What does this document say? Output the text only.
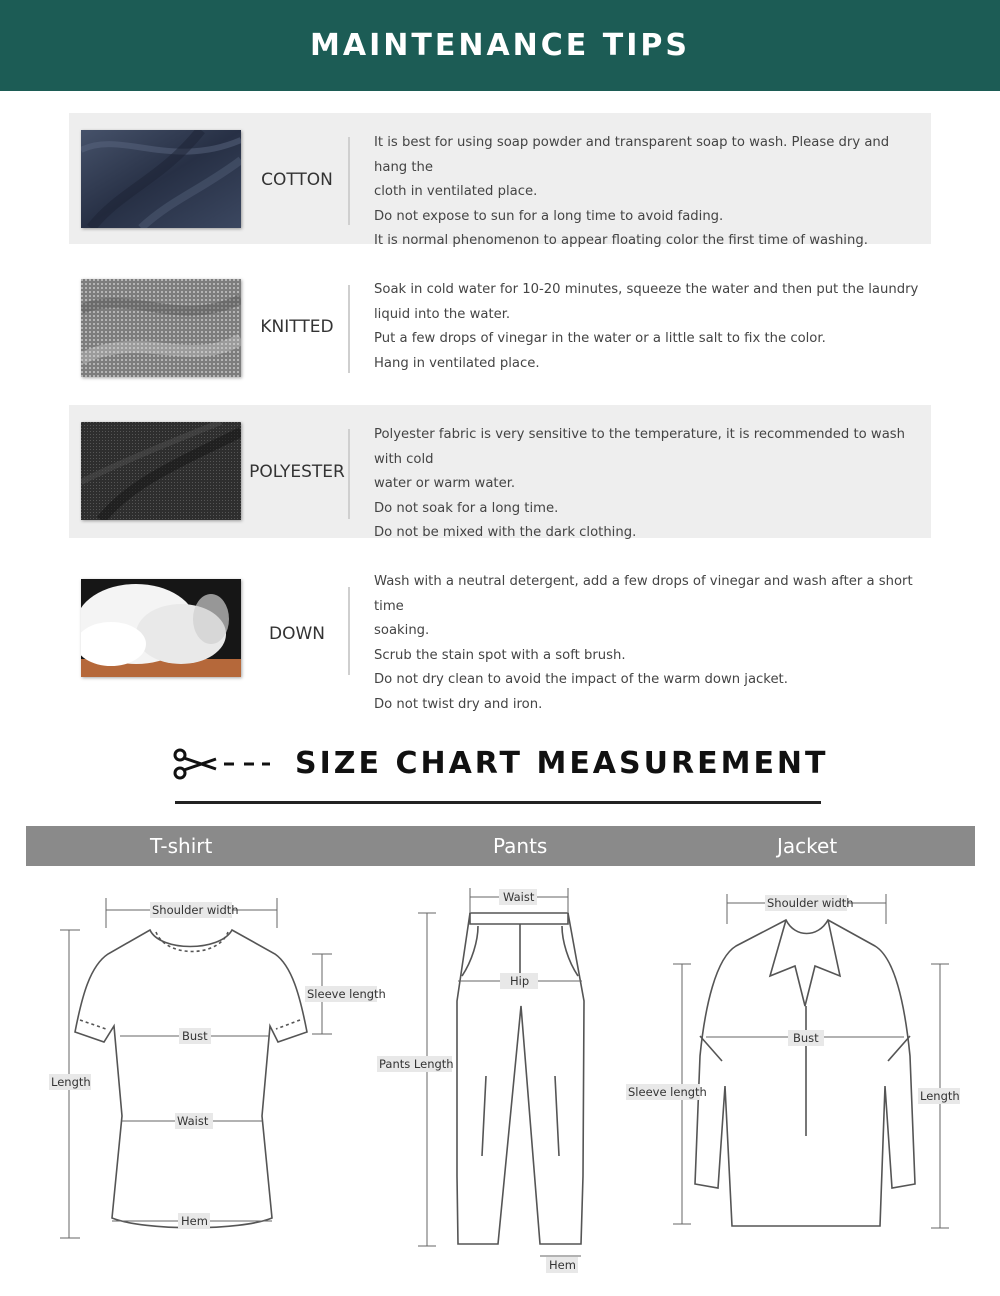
MAINTENANCE TIPS
COTTON
It is best for using soap powder and transparent soap to wash. Please dry and hang the
cloth in ventilated place.
Do not expose to sun for a long time to avoid fading.
It is normal phenomenon to appear floating color the first time of washing.
KNITTED
Soak in cold water for 10-20 minutes, squeeze the water and then put the laundry
liquid into the water.
Put a few drops of vinegar in the water or a little salt to fix the color.
Hang in ventilated place.
POLYESTER
Polyester fabric is very sensitive to the temperature, it is recommended to wash with cold
water or warm water.
Do not soak for a long time.
Do not be mixed with the dark clothing.
DOWN
Wash with a neutral detergent, add a few drops of vinegar and wash after a short time
soaking.
Scrub the stain spot with a soft brush.
Do not dry clean to avoid the impact of the warm down jacket.
Do not twist dry and iron.
SIZE CHART MEASUREMENT
T-shirt	Pants	Jacket
Shoulder width
Sleeve length
Bust
Length
Waist
Hem
Waist
Hip
Pants Length
Hem
Shoulder width
Bust
Sleeve length	Length
